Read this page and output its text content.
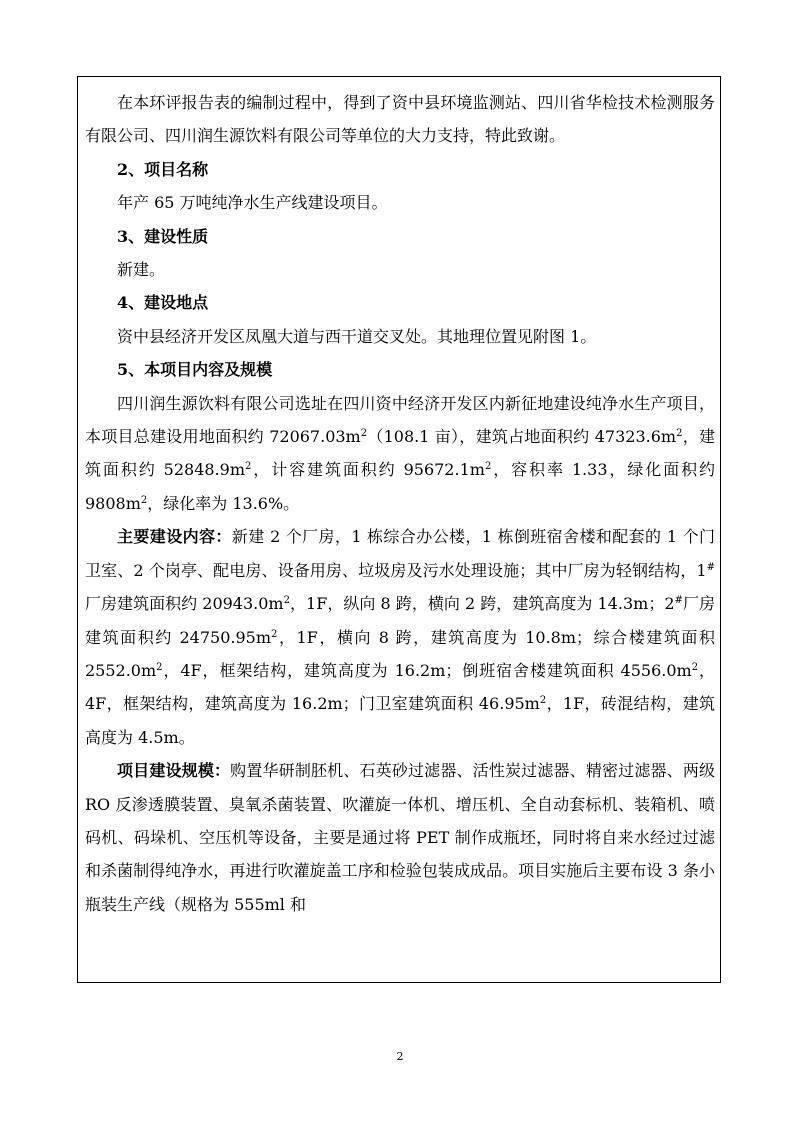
在本环评报告表的编制过程中，得到了资中县环境监测站、四川省华检技术检测服务有限公司、四川润生源饮料有限公司等单位的大力支持，特此致谢。

2、项目名称

年产 65 万吨纯净水生产线建设项目。

3、建设性质

新建。

4、建设地点

资中县经济开发区凤凰大道与西干道交叉处。其地理位置见附图 1。

5、本项目内容及规模

四川润生源饮料有限公司选址在四川资中经济开发区内新征地建设纯净水生产项目，本项目总建设用地面积约 $72067.03m^2(108.1$ 亩），建筑占地面积约 $47323.6m^2$，建筑面积约 $52848.9m^2$，计容建筑面积约 $95672.1m^2$，容积率 1.33，绿化面积约 $9808m^2$，绿化率为 13.6%。

主要建设内容：新建 2 个厂房，1 栋综合办公楼，1 栋倒班宿舍楼和配套的 1 个门卫室、2 个岗亭、配电房、设备用房、垃圾房及污水处理设施；其中厂房为轻钢结构，1#厂房建筑面积约 $20943.0m^2$，1F，纵向 8 跨，横向 2 跨，建筑高度为 14.3m；2#厂房建筑面积约 $24750.95m^2$，1F，横向 8 跨，建筑高度为 10.8m；综合楼建筑面积 $2552.0m^2$，4F，框架结构，建筑高度为 16.2m；倒班宿舍楼建筑面积 $4556.0m^2$，4F，框架结构，建筑高度为 16.2m；门卫室建筑面积 $46.95m^2$，1F，砖混结构，建筑高度为 4.5m。

项目建设规模：购置华研制胚机、石英砂过滤器、活性炭过滤器、精密过滤器、两级 RO 反渗透膜装置、臭氧杀菌装置、吹灌旋一体机、增压机、全自动套标机、装箱机、喷码机、码垛机、空压机等设备，主要是通过将 PET 制作成瓶坯，同时将自来水经过过滤和杀菌制得纯净水，再进行吹灌旋盖工序和检验包装成成品。项目实施后主要布设 3 条小瓶装生产线（规格为 555ml 和

2
